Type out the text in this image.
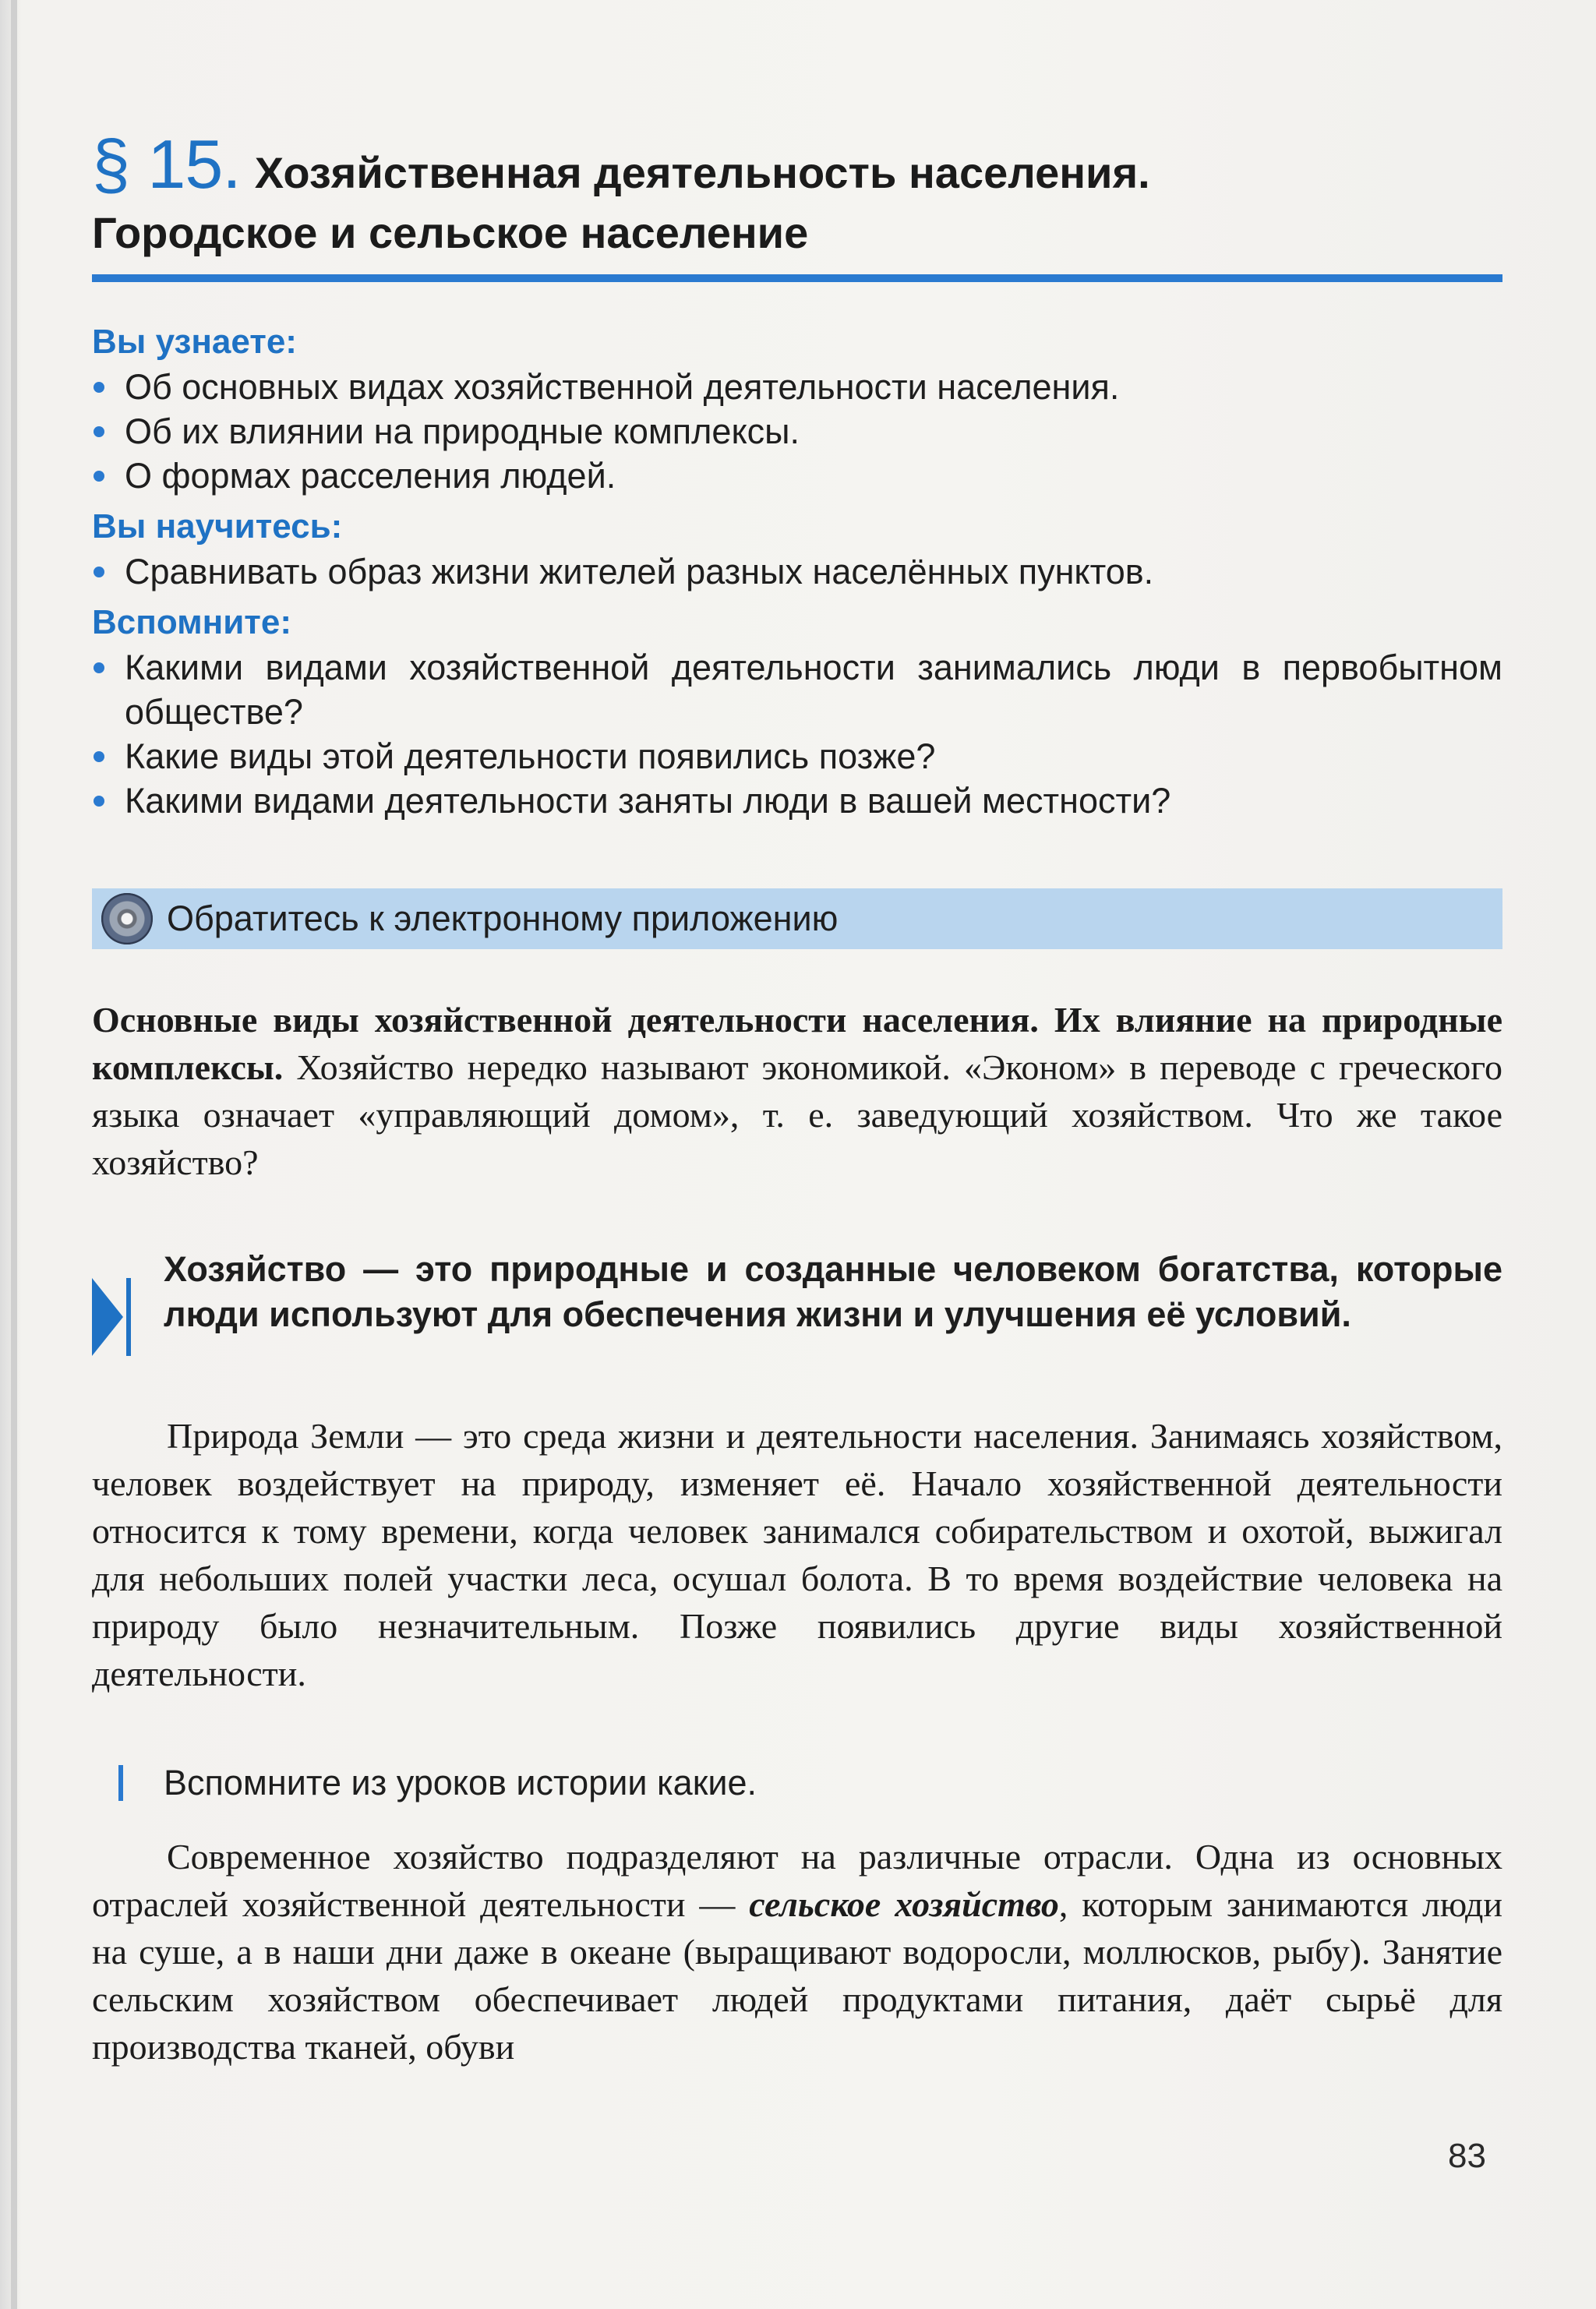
§ 15. Хозяйственная деятельность населения.
Городское и сельское население
Вы узнаете:
Об основных видах хозяйственной деятельности населения.
Об их влиянии на природные комплексы.
О формах расселения людей.
Вы научитесь:
Сравнивать образ жизни жителей разных населённых пунктов.
Вспомните:
Какими видами хозяйственной деятельности занимались люди в первобытном обществе?
Какие виды этой деятельности появились позже?
Какими видами деятельности заняты люди в вашей местности?
Обратитесь к электронному приложению
Основные виды хозяйственной деятельности населения. Их влияние на природные комплексы. Хозяйство нередко называют экономикой. «Эконом» в переводе с греческого языка означает «управляющий домом», т. е. заведующий хозяйством. Что же такое хозяйство?
Хозяйство — это природные и созданные человеком богатства, которые люди используют для обеспечения жизни и улучшения её условий.
Природа Земли — это среда жизни и деятельности населения. Занимаясь хозяйством, человек воздействует на природу, изменяет её. Начало хозяйственной деятельности относится к тому времени, когда человек занимался собирательством и охотой, выжигал для небольших полей участки леса, осушал болота. В то время воздействие человека на природу было незначительным. Позже появились другие виды хозяйственной деятельности.
Вспомните из уроков истории какие.
Современное хозяйство подразделяют на различные отрасли. Одна из основных отраслей хозяйственной деятельности — сельское хозяйство, которым занимаются люди на суше, а в наши дни даже в океане (выращивают водоросли, моллюсков, рыбу). Занятие сельским хозяйством обеспечивает людей продуктами питания, даёт сырьё для производства тканей, обуви
83
